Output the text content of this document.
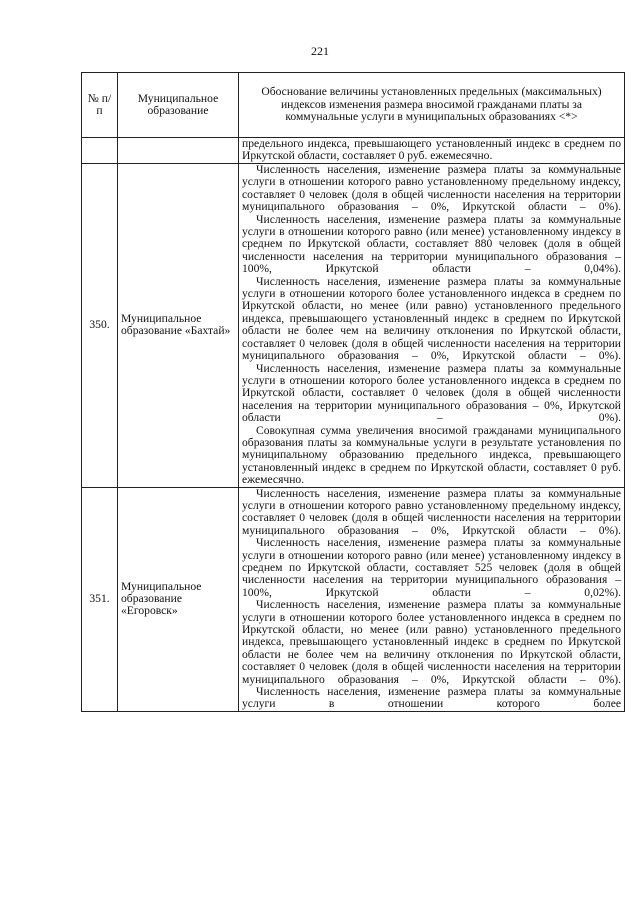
221
№ п/п	Муниципальное образование	Обоснование величины установленных предельных (максимальных) индексов изменения размера вносимой гражданами платы за коммунальные услуги в муниципальных образованиях <*>

		предельного индекса, превышающего установленный индекс в среднем по Иркутской области, составляет 0 руб. ежемесячно.

350.	Муниципальное образование «Бахтай»	Численность населения, изменение размера платы за коммунальные услуги в отношении которого равно установленному предельному индексу, составляет 0 человек (доля в общей численности населения на территории муниципального образования – 0%, Иркутской области – 0%).

Численность населения, изменение размера платы за коммунальные услуги в отношении которого равно (или менее) установленному индексу в среднем по Иркутской области, составляет 880 человек (доля в общей численности населения на территории муниципального образования – 100%, Иркутской области – 0,04%).

Численность населения, изменение размера платы за коммунальные услуги в отношении которого более установленного индекса в среднем по Иркутской области, но менее (или равно) установленного предельного индекса, превышающего установленный индекс в среднем по Иркутской области не более чем на величину отклонения по Иркутской области, составляет 0 человек (доля в общей численности населения на территории муниципального образования – 0%, Иркутской области – 0%).

Численность населения, изменение размера платы за коммунальные услуги в отношении которого более установленного индекса в среднем по Иркутской области, составляет 0 человек (доля в общей численности населения на территории муниципального образования – 0%, Иркутской области – 0%).

Совокупная сумма увеличения вносимой гражданами муниципального образования платы за коммунальные услуги в результате установления по муниципальному образованию предельного индекса, превышающего установленный индекс в среднем по Иркутской области, составляет 0 руб. ежемесячно.

351.	Муниципальное образование «Егоровск»	Численность населения, изменение размера платы за коммунальные услуги в отношении которого равно установленному предельному индексу, составляет 0 человек (доля в общей численности населения на территории муниципального образования – 0%, Иркутской области – 0%).

Численность населения, изменение размера платы за коммунальные услуги в отношении которого равно (или менее) установленному индексу в среднем по Иркутской области, составляет 525 человек (доля в общей численности населения на территории муниципального образования – 100%, Иркутской области – 0,02%).

Численность населения, изменение размера платы за коммунальные услуги в отношении которого более установленного индекса в среднем по Иркутской области, но менее (или равно) установленного предельного индекса, превышающего установленный индекс в среднем по Иркутской области не более чем на величину отклонения по Иркутской области, составляет 0 человек (доля в общей численности населения на территории муниципального образования – 0%, Иркутской области – 0%).

Численность населения, изменение размера платы за коммунальные услуги в отношении которого более
